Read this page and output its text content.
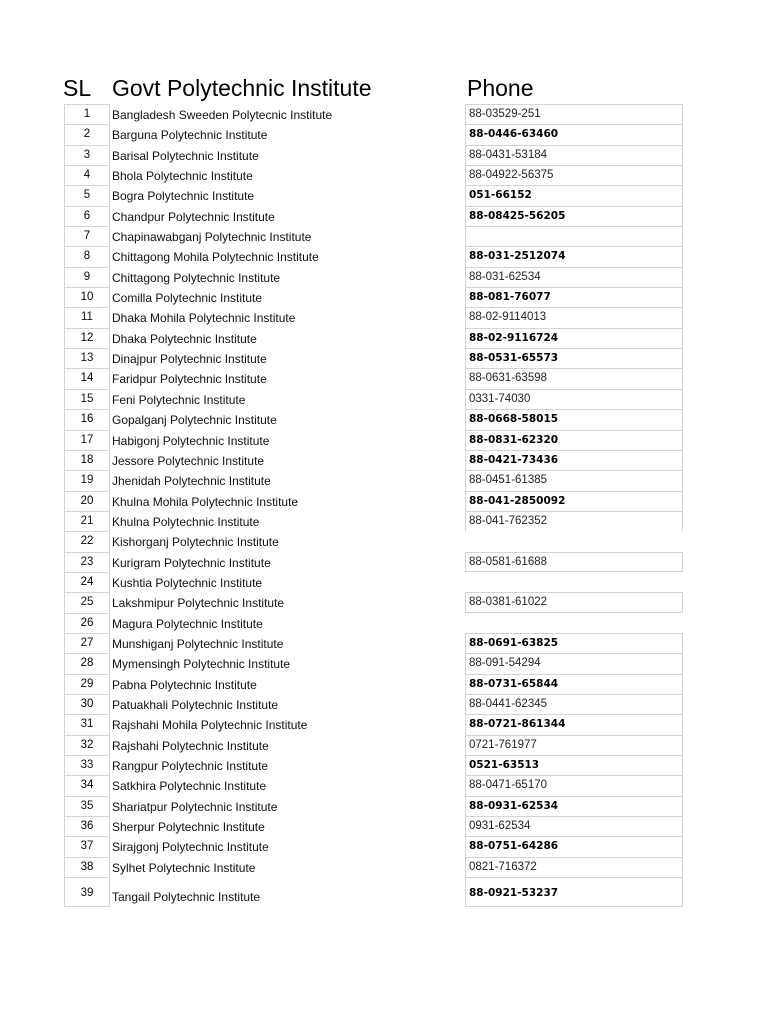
SL Govt Polytechnic Institute	Phone
1	Bangladesh Sweeden Polytecnic Institute	88-03529-251
2	Barguna Polytechnic Institute	88-0446-63460
3	Barisal Polytechnic Institute	88-0431-53184
4	Bhola Polytechnic Institute	88-04922-56375
5	Bogra Polytechnic Institute	051-66152
6	Chandpur Polytechnic Institute	88-08425-56205
7	Chapinawabganj Polytechnic Institute
8	Chittagong Mohila Polytechnic Institute	88-031-2512074
9	Chittagong Polytechnic Institute	88-031-62534
10	Comilla Polytechnic Institute	88-081-76077
11	Dhaka Mohila Polytechnic Institute	88-02-9114013
12	Dhaka Polytechnic Institute	88-02-9116724
13	Dinajpur Polytechnic Institute	88-0531-65573
14	Faridpur Polytechnic Institute	88-0631-63598
15	Feni Polytechnic Institute	0331-74030
16	Gopalganj Polytechnic Institute	88-0668-58015
17	Habigonj Polytechnic Institute	88-0831-62320
18	Jessore Polytechnic Institute	88-0421-73436
19	Jhenidah Polytechnic Institute	88-0451-61385
20	Khulna Mohila Polytechnic Institute	88-041-2850092
21	Khulna Polytechnic Institute	88-041-762352
22	Kishorganj Polytechnic Institute
23	Kurigram Polytechnic Institute	88-0581-61688
24	Kushtia Polytechnic Institute
25	Lakshmipur Polytechnic Institute	88-0381-61022
26	Magura Polytechnic Institute
27	Munshiganj Polytechnic Institute	88-0691-63825
28	Mymensingh Polytechnic Institute	88-091-54294
29	Pabna Polytechnic Institute	88-0731-65844
30	Patuakhali Polytechnic Institute	88-0441-62345
31	Rajshahi Mohila Polytechnic Institute	88-0721-861344
32	Rajshahi Polytechnic Institute	0721-761977
33	Rangpur Polytechnic Institute	0521-63513
34	Satkhira Polytechnic Institute	88-0471-65170
35	Shariatpur Polytechnic Institute	88-0931-62534
36	Sherpur Polytechnic Institute	0931-62534
37	Sirajgonj Polytechnic Institute	88-0751-64286
38	Sylhet Polytechnic Institute	0821-716372
39	Tangail Polytechnic Institute	88-0921-53237
